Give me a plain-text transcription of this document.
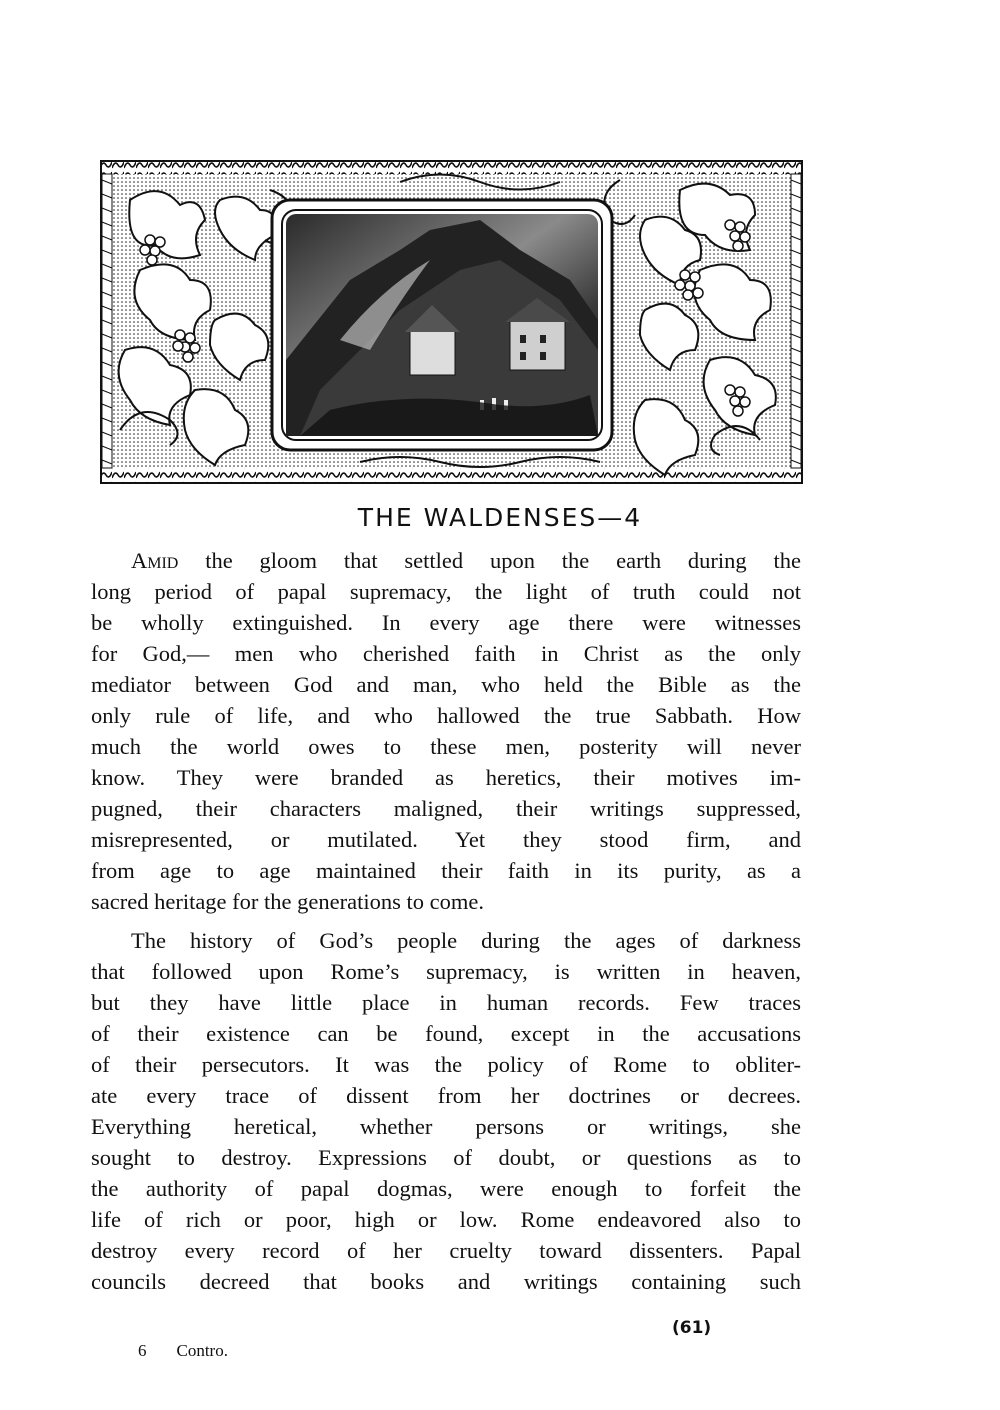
THE WALDENSES—4
Amid the gloom that settled upon the earth during the
long period of papal supremacy, the light of truth could not
be wholly extinguished. In every age there were witnesses
for God,— men who cherished faith in Christ as the only
mediator between God and man, who held the Bible as the
only rule of life, and who hallowed the true Sabbath. How
much the world owes to these men, posterity will never
know. They were branded as heretics, their motives im-
pugned, their characters maligned, their writings suppressed,
misrepresented, or mutilated. Yet they stood firm, and
from age to age maintained their faith in its purity, as a
sacred heritage for the generations to come.
The history of God’s people during the ages of darkness
that followed upon Rome’s supremacy, is written in heaven,
but they have little place in human records. Few traces
of their existence can be found, except in the accusations
of their persecutors. It was the policy of Rome to obliter-
ate every trace of dissent from her doctrines or decrees.
Everything heretical, whether persons or writings, she
sought to destroy. Expressions of doubt, or questions as to
the authority of papal dogmas, were enough to forfeit the
life of rich or poor, high or low. Rome endeavored also to
destroy every record of her cruelty toward dissenters. Papal
councils decreed that books and writings containing such
(61)
6 Contro.
